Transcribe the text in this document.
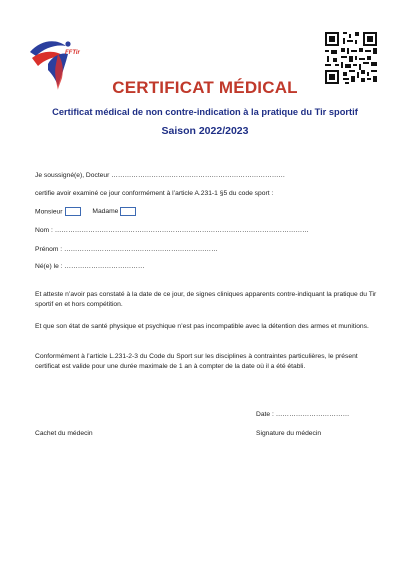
FFTir
CERTIFICAT MÉDICAL
Certificat médical de non contre-indication à la pratique du Tir sportif
Saison 2022/2023
Je soussigné(e), Docteur ……………………………………………………………………
certifie avoir examiné ce jour conformément à l’article A.231-1 §5 du code sport :
Monsieur	Madame
Nom : ……………………………………………………………………………………………………
Prénom : ……………………………………………………………
Né(e) le : ………………………………
Et atteste n’avoir pas constaté à la date de ce jour, de signes cliniques apparents contre-indiquant la pratique du Tir sportif en et hors compétition.
Et que son état de santé physique et psychique n’est pas incompatible avec la détention des armes et munitions.
Conformément à l’article L.231-2-3 du Code du Sport sur les disciplines à contraintes particulières, le présent certificat est valide pour une durée maximale de 1 an à compter de la date où il a été établi.
Date : ……………………………
Cachet du médecin	Signature du médecin
